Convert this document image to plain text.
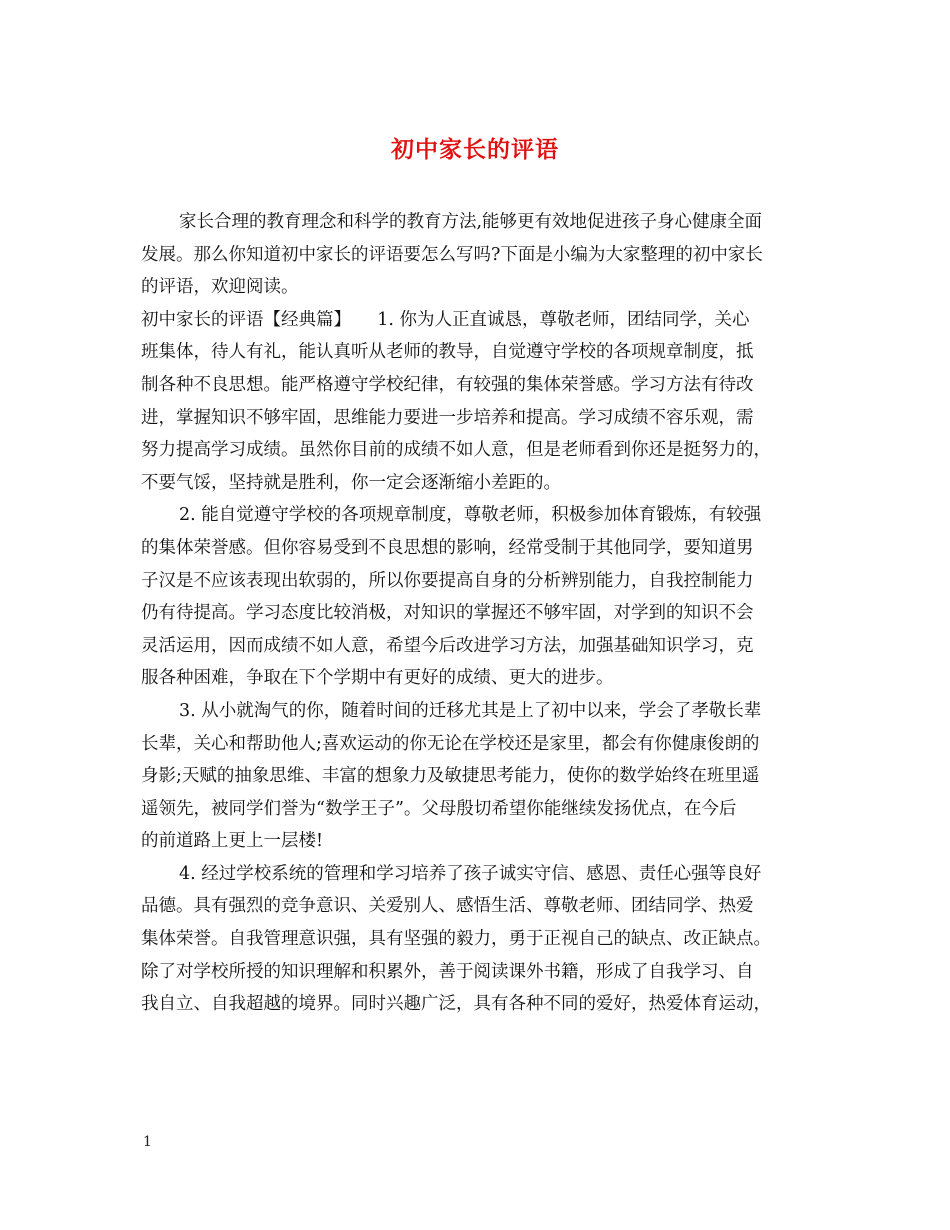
初中家长的评语
家长合理的教育理念和科学的教育方法,能够更有效地促进孩子身心健康全面
发展。那么你知道初中家长的评语要怎么写吗?下面是小编为大家整理的初中家长
的评语，欢迎阅读。
初中家长的评语【经典篇】　　1. 你为人正直诚恳，尊敬老师，团结同学，关心
班集体，待人有礼，能认真听从老师的教导，自觉遵守学校的各项规章制度，抵
制各种不良思想。能严格遵守学校纪律，有较强的集体荣誉感。学习方法有待改
进，掌握知识不够牢固，思维能力要进一步培养和提高。学习成绩不容乐观，需
努力提高学习成绩。虽然你目前的成绩不如人意，但是老师看到你还是挺努力的，
不要气馁，坚持就是胜利，你一定会逐渐缩小差距的。
2. 能自觉遵守学校的各项规章制度，尊敬老师，积极参加体育锻炼，有较强
的集体荣誉感。但你容易受到不良思想的影响，经常受制于其他同学，要知道男
子汉是不应该表现出软弱的，所以你要提高自身的分析辨别能力，自我控制能力
仍有待提高。学习态度比较消极，对知识的掌握还不够牢固，对学到的知识不会
灵活运用，因而成绩不如人意，希望今后改进学习方法，加强基础知识学习，克
服各种困难，争取在下个学期中有更好的成绩、更大的进步。
3. 从小就淘气的你，随着时间的迁移尤其是上了初中以来，学会了孝敬长辈
长辈，关心和帮助他人;喜欢运动的你无论在学校还是家里，都会有你健康俊朗的
身影;天赋的抽象思维、丰富的想象力及敏捷思考能力，使你的数学始终在班里遥
遥领先，被同学们誉为“数学王子”。父母殷切希望你能继续发扬优点，在今后
的前道路上更上一层楼!
4. 经过学校系统的管理和学习培养了孩子诚实守信、感恩、责任心强等良好
品德。具有强烈的竞争意识、关爱别人、感悟生活、尊敬老师、团结同学、热爱
集体荣誉。自我管理意识强，具有坚强的毅力，勇于正视自己的缺点、改正缺点。
除了对学校所授的知识理解和积累外，善于阅读课外书籍，形成了自我学习、自
我自立、自我超越的境界。同时兴趣广泛，具有各种不同的爱好，热爱体育运动，
1
